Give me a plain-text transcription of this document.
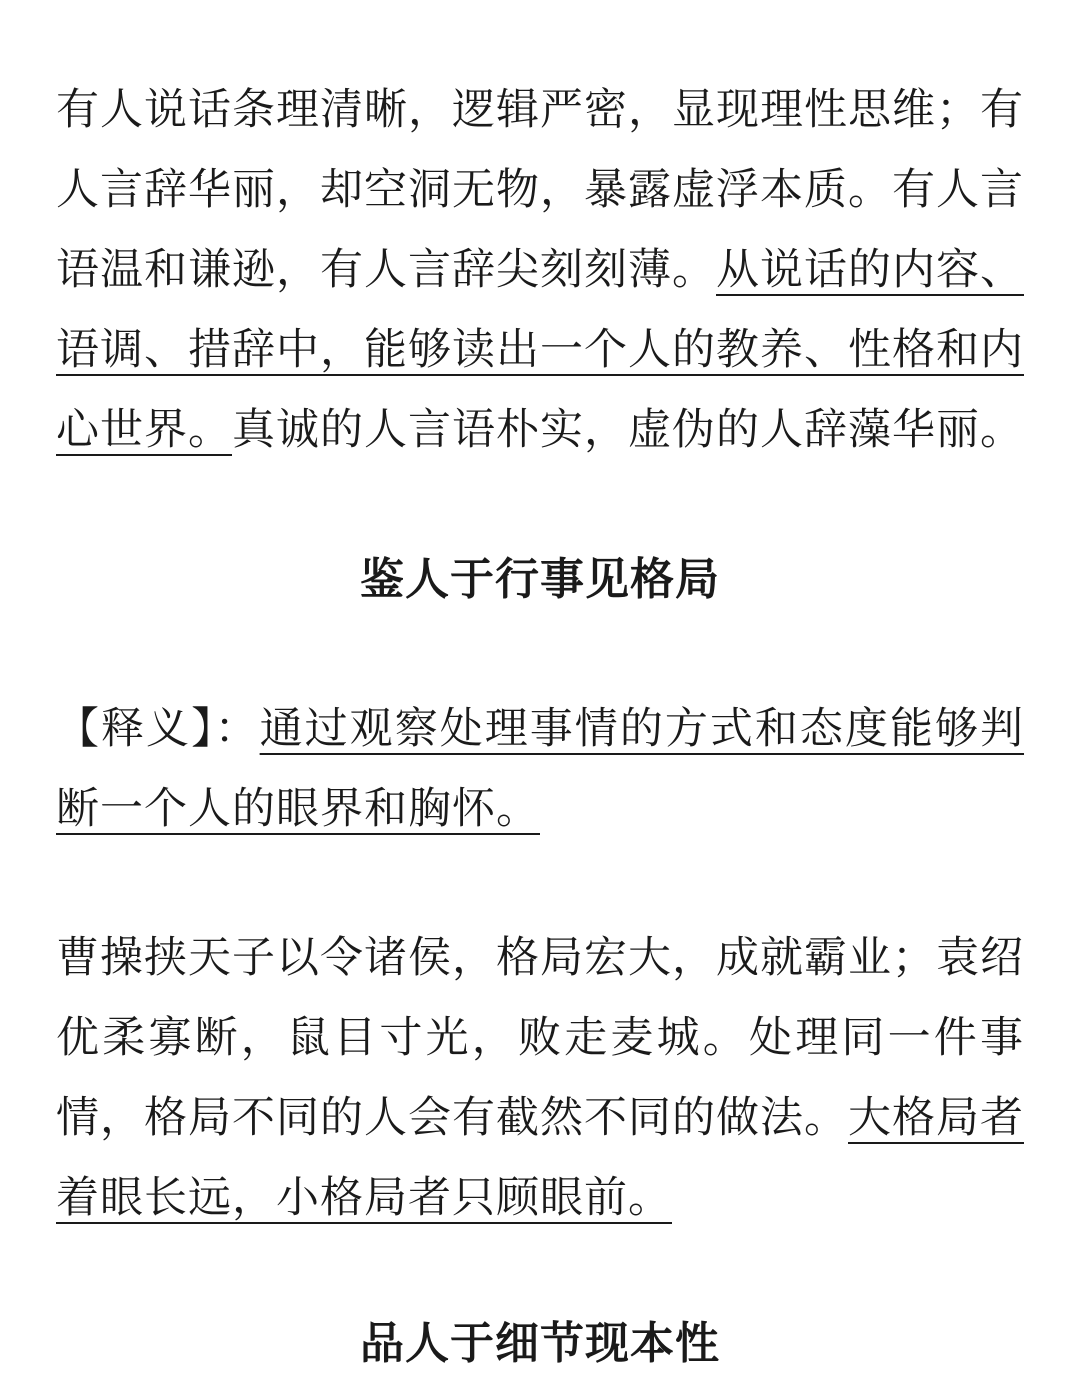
有人说话条理清晰，逻辑严密，显现理性思维；有人言辞华丽，却空洞无物，暴露虚浮本质。有人言语温和谦逊，有人言辞尖刻刻薄。从说话的内容、语调、措辞中，能够读出一个人的教养、性格和内心世界。真诚的人言语朴实，虚伪的人辞藻华丽。

鉴人于行事见格局

【释义】：通过观察处理事情的方式和态度能够判断一个人的眼界和胸怀。

曹操挟天子以令诸侯，格局宏大，成就霸业；袁绍优柔寡断，鼠目寸光，败走麦城。处理同一件事情，格局不同的人会有截然不同的做法。大格局者着眼长远，小格局者只顾眼前。

品人于细节现本性
